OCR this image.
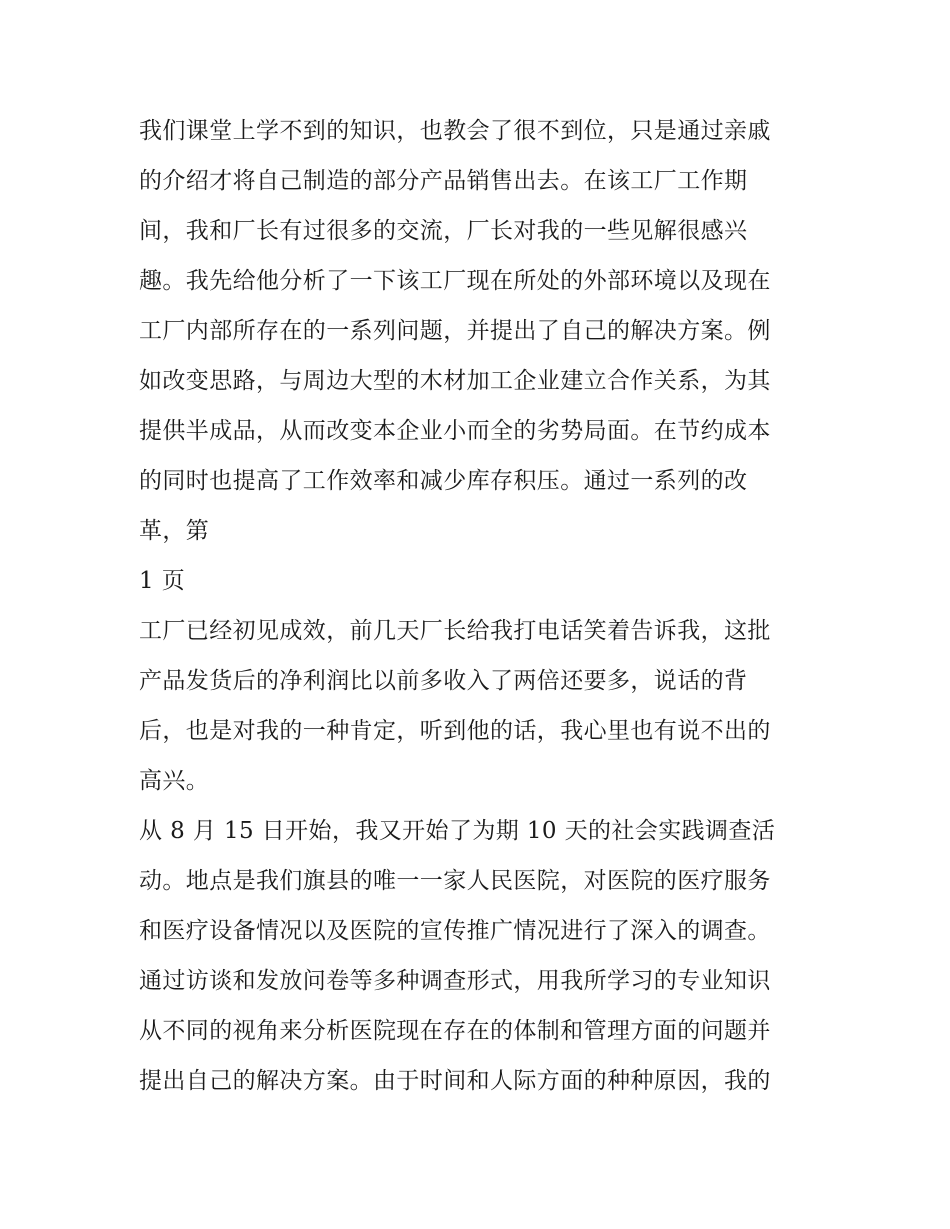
我们课堂上学不到的知识，也教会了很不到位，只是通过亲戚
的介绍才将自己制造的部分产品销售出去。在该工厂工作期
间，我和厂长有过很多的交流，厂长对我的一些见解很感兴
趣。我先给他分析了一下该工厂现在所处的外部环境以及现在
工厂内部所存在的一系列问题，并提出了自己的解决方案。例
如改变思路，与周边大型的木材加工企业建立合作关系，为其
提供半成品，从而改变本企业小而全的劣势局面。在节约成本
的同时也提高了工作效率和减少库存积压。通过一系列的改
革，第
1 页
工厂已经初见成效，前几天厂长给我打电话笑着告诉我，这批
产品发货后的净利润比以前多收入了两倍还要多，说话的背
后，也是对我的一种肯定，听到他的话，我心里也有说不出的
高兴。
从 8 月 15 日开始，我又开始了为期 10 天的社会实践调查活
动。地点是我们旗县的唯一一家人民医院，对医院的医疗服务
和医疗设备情况以及医院的宣传推广情况进行了深入的调查。
通过访谈和发放问卷等多种调查形式，用我所学习的专业知识
从不同的视角来分析医院现在存在的体制和管理方面的问题并
提出自己的解决方案。由于时间和人际方面的种种原因，我的
